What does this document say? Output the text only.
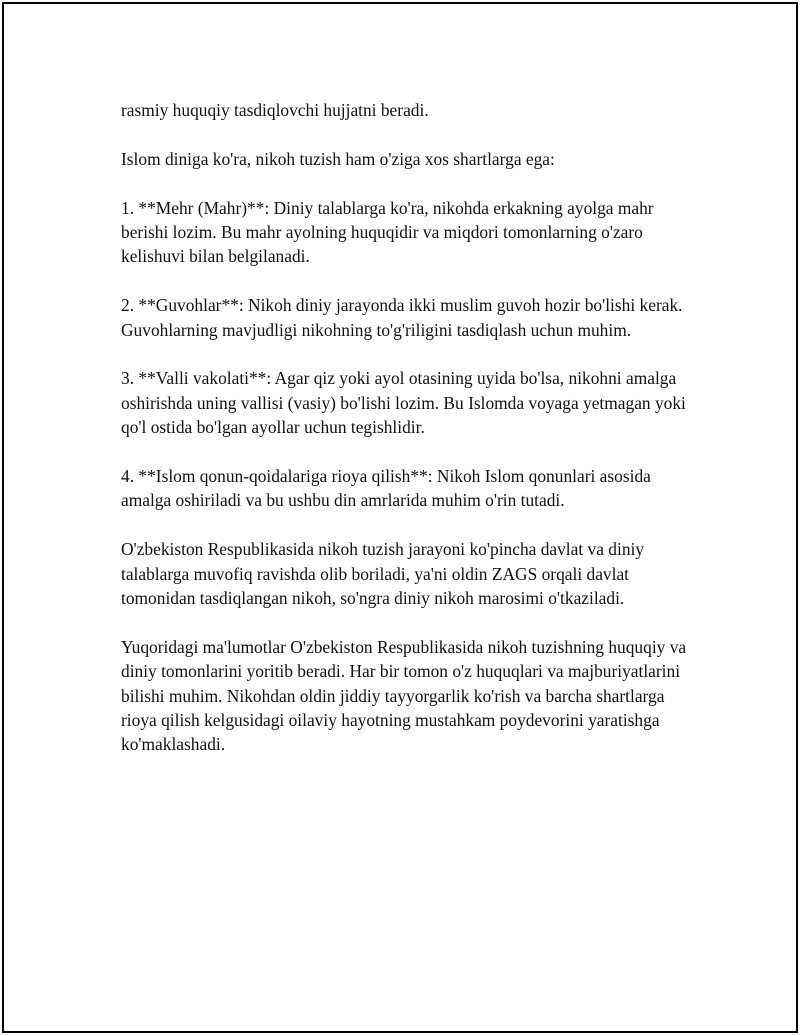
rasmiy huquqiy tasdiqlovchi hujjatni beradi.

Islom diniga ko'ra, nikoh tuzish ham o'ziga xos shartlarga ega:

1. **Mehr (Mahr)**: Diniy talablarga ko'ra, nikohda erkakning ayolga mahr berishi lozim. Bu mahr ayolning huquqidir va miqdori tomonlarning o'zaro kelishuvi bilan belgilanadi.

2. **Guvohlar**: Nikoh diniy jarayonda ikki muslim guvoh hozir bo'lishi kerak. Guvohlarning mavjudligi nikohning to'g'riligini tasdiqlash uchun muhim.

3. **Valli vakolati**: Agar qiz yoki ayol otasining uyida bo'lsa, nikohni amalga oshirishda uning vallisi (vasiy) bo'lishi lozim. Bu Islomda voyaga yetmagan yoki qo'l ostida bo'lgan ayollar uchun tegishlidir.

4. **Islom qonun-qoidalariga rioya qilish**: Nikoh Islom qonunlari asosida amalga oshiriladi va bu ushbu din amrlarida muhim o'rin tutadi.

O'zbekiston Respublikasida nikoh tuzish jarayoni ko'pincha davlat va diniy talablarga muvofiq ravishda olib boriladi, ya'ni oldin ZAGS orqali davlat tomonidan tasdiqlangan nikoh, so'ngra diniy nikoh marosimi o'tkaziladi.

Yuqoridagi ma'lumotlar O'zbekiston Respublikasida nikoh tuzishning huquqiy va diniy tomonlarini yoritib beradi. Har bir tomon o'z huquqlari va majburiyatlarini bilishi muhim. Nikohdan oldin jiddiy tayyorgarlik ko'rish va barcha shartlarga rioya qilish kelgusidagi oilaviy hayotning mustahkam poydevorini yaratishga ko'maklashadi.
